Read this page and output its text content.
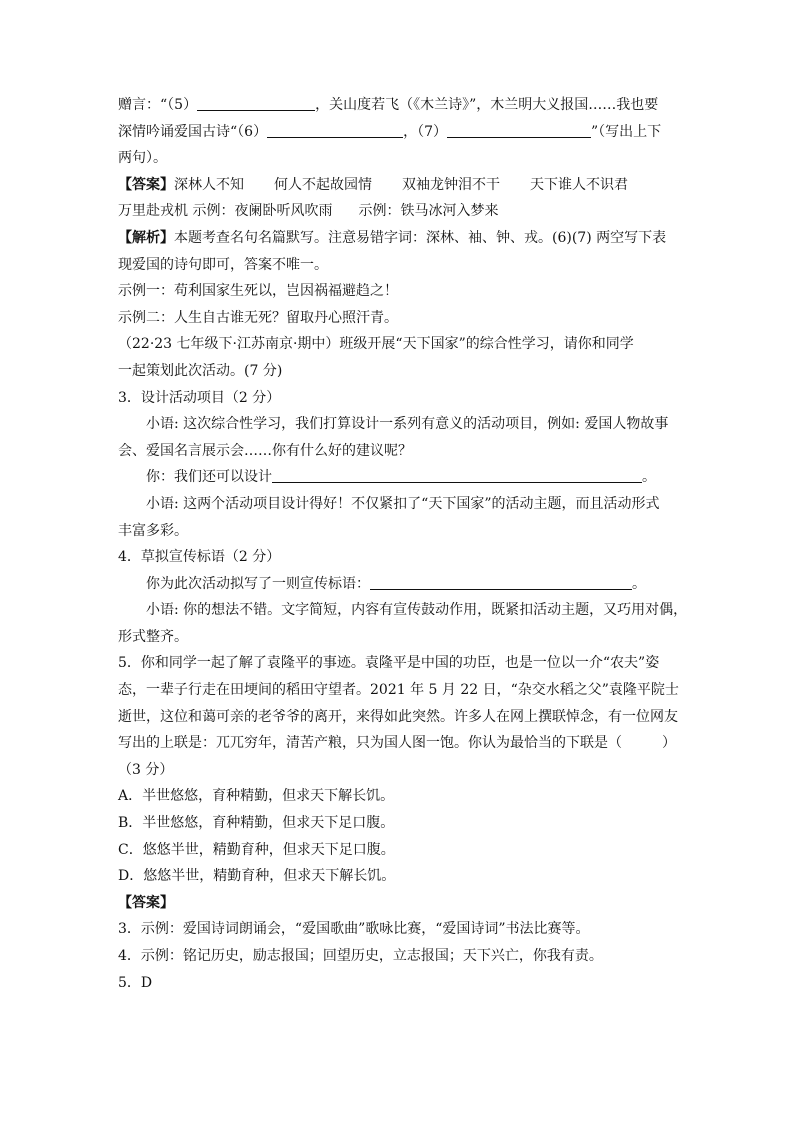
赠言：“（5）	，关山度若飞（《木兰诗》”，木兰明大义报国……我也要
深情吟诵爱国古诗“（6）	，（7）	”（写出上下
两句）。
【答案】深林人不知 何人不起故园情 双袖龙钟泪不干 天下谁人不识君
万里赴戎机 示例：夜阑卧听风吹雨 示例：铁马冰河入梦来
【解析】本题考查名句名篇默写。注意易错字词：深林、袖、钟、戎。(6)(7) 两空写下表
现爱国的诗句即可，答案不唯一。
示例一：苟利国家生死以，岂因祸福避趋之！
示例二：人生自古谁无死？留取丹心照汗青。
（22·23 七年级下·江苏南京·期中）班级开展“天下国家”的综合性学习，请你和同学
一起策划此次活动。(7 分)
3．设计活动项目（2 分）
小语: 这次综合性学习，我们打算设计一系列有意义的活动项目，例如: 爱国人物故事
会、爱国名言展示会……你有什么好的建议呢？
你：我们还可以设计	。
小语: 这两个活动项目设计得好！不仅紧扣了“天下国家”的活动主题，而且活动形式
丰富多彩。
4．草拟宣传标语（2 分）
你为此次活动拟写了一则宣传标语：	。
小语: 你的想法不错。文字简短，内容有宣传鼓动作用，既紧扣活动主题，又巧用对偶，
形式整齐。
5．你和同学一起了解了袁隆平的事迹。袁隆平是中国的功臣，也是一位以一介“农夫”姿
态，一辈子行走在田埂间的稻田守望者。2021 年 5 月 22 日，“杂交水稻之父”袁隆平院士
逝世，这位和蔼可亲的老爷爷的离开，来得如此突然。许多人在网上撰联悼念，有一位网友
写出的上联是：兀兀穷年，清苦产粮，只为国人图一饱。你认为最恰当的下联是（	）
（3 分）
A．半世悠悠，育种精勤，但求天下解长饥。
B．半世悠悠，育种精勤，但求天下足口腹。
C．悠悠半世，精勤育种，但求天下足口腹。
D．悠悠半世，精勤育种，但求天下解长饥。
【答案】
3．示例：爱国诗词朗诵会，“爱国歌曲”歌咏比赛，“爱国诗词”书法比赛等。
4．示例：铭记历史，励志报国；回望历史，立志报国；天下兴亡，你我有责。
5．D
